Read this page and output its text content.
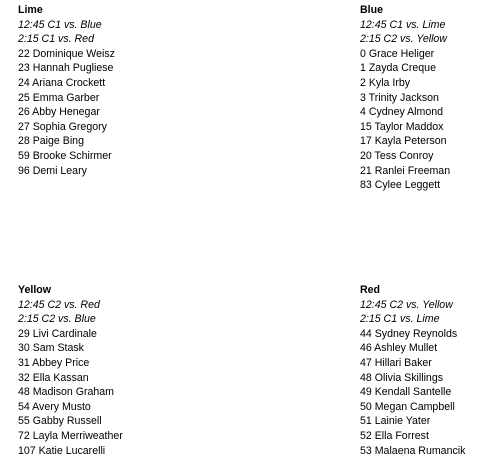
Lime
12:45 C1 vs. Blue
2:15 C1 vs. Red
22 Dominique Weisz
23 Hannah Pugliese
24 Ariana Crockett
25 Emma Garber
26 Abby Henegar
27 Sophia Gregory
28 Paige Bing
59 Brooke Schirmer
96 Demi Leary
Blue
12:45 C1 vs. Lime
2:15 C2 vs. Yellow
0 Grace Heliger
1 Zayda Creque
2 Kyla Irby
3 Trinity Jackson
4 Cydney Almond
15 Taylor Maddox
17 Kayla Peterson
20 Tess Conroy
21 Ranlei Freeman
83 Cylee Leggett
Yellow
12:45 C2 vs. Red
2:15 C2 vs. Blue
29 Livi Cardinale
30 Sam Stask
31 Abbey Price
32 Ella Kassan
48 Madison Graham
54 Avery Musto
55 Gabby Russell
72 Layla Merriweather
107 Katie Lucarelli
Red
12:45 C2 vs. Yellow
2:15 C1 vs. Lime
44 Sydney Reynolds
46 Ashley Mullet
47 Hillari Baker
48 Olivia Skillings
49 Kendall Santelle
50 Megan Campbell
51 Lainie Yater
52 Ella Forrest
53 Malaena Rumancik
